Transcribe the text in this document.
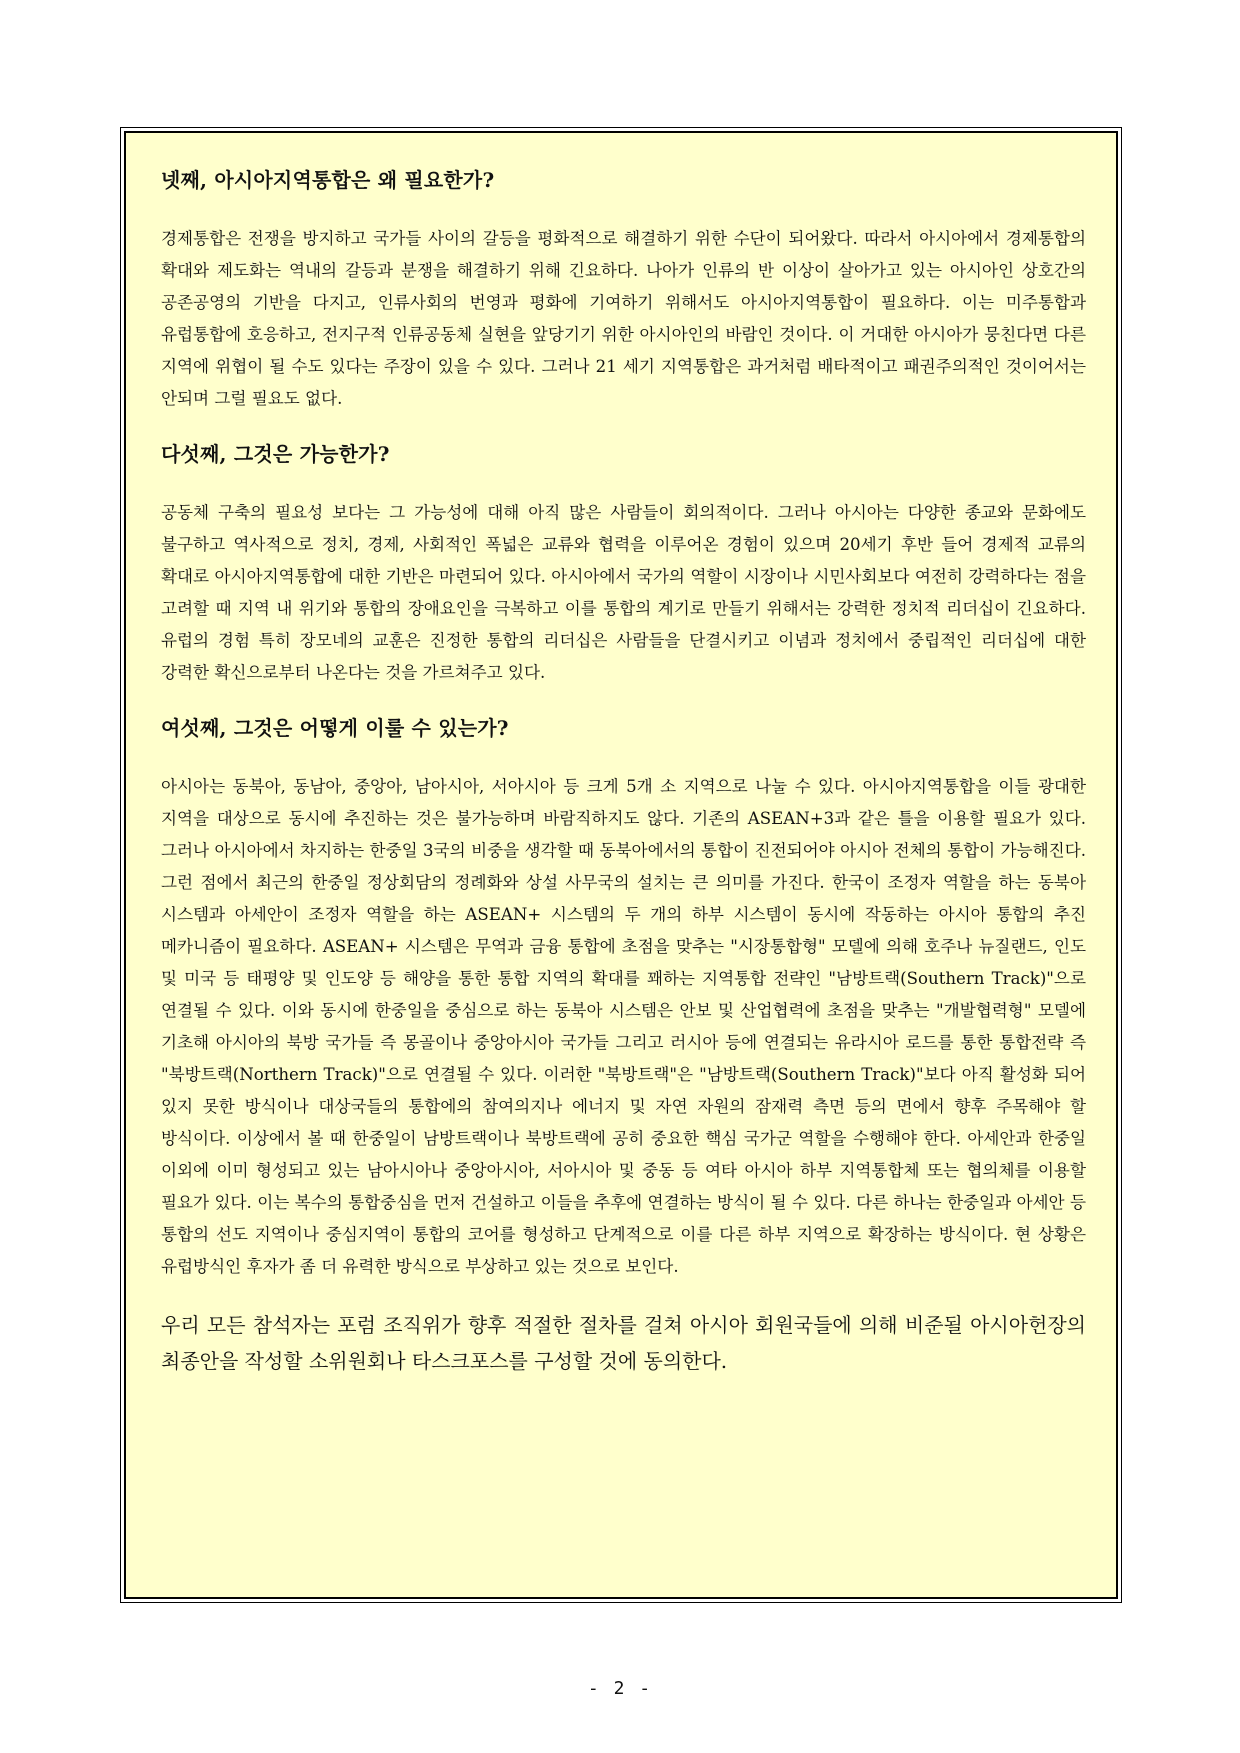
넷째, 아시아지역통합은 왜 필요한가?

경제통합은 전쟁을 방지하고 국가들 사이의 갈등을 평화적으로 해결하기 위한 수단이 되어왔다. 따라서 아시아에서 경제통합의 확대와 제도화는 역내의 갈등과 분쟁을 해결하기 위해 긴요하다. 나아가 인류의 반 이상이 살아가고 있는 아시아인 상호간의 공존공영의 기반을 다지고, 인류사회의 번영과 평화에 기여하기 위해서도 아시아지역통합이 필요하다. 이는 미주통합과 유럽통합에 호응하고, 전지구적 인류공동체 실현을 앞당기기 위한 아시아인의 바람인 것이다. 이 거대한 아시아가 뭉친다면 다른 지역에 위협이 될 수도 있다는 주장이 있을 수 있다. 그러나 21 세기 지역통합은 과거처럼 배타적이고 패권주의적인 것이어서는 안되며 그럴 필요도 없다.

다섯째, 그것은 가능한가?

공동체 구축의 필요성 보다는 그 가능성에 대해 아직 많은 사람들이 회의적이다. 그러나 아시아는 다양한 종교와 문화에도 불구하고 역사적으로 정치, 경제, 사회적인 폭넓은 교류와 협력을 이루어온 경험이 있으며 20세기 후반 들어 경제적 교류의 확대로 아시아지역통합에 대한 기반은 마련되어 있다. 아시아에서 국가의 역할이 시장이나 시민사회보다 여전히 강력하다는 점을 고려할 때 지역 내 위기와 통합의 장애요인을 극복하고 이를 통합의 계기로 만들기 위해서는 강력한 정치적 리더십이 긴요하다. 유럽의 경험 특히 장모네의 교훈은 진정한 통합의 리더십은 사람들을 단결시키고 이념과 정치에서 중립적인 리더십에 대한 강력한 확신으로부터 나온다는 것을 가르쳐주고 있다.

여섯째, 그것은 어떻게 이룰 수 있는가?

아시아는 동북아, 동남아, 중앙아, 남아시아, 서아시아 등 크게 5개 소 지역으로 나눌 수 있다. 아시아지역통합을 이들 광대한 지역을 대상으로 동시에 추진하는 것은 불가능하며 바람직하지도 않다. 기존의 ASEAN+3과 같은 틀을 이용할 필요가 있다. 그러나 아시아에서 차지하는 한중일 3국의 비중을 생각할 때 동북아에서의 통합이 진전되어야 아시아 전체의 통합이 가능해진다. 그런 점에서 최근의 한중일 정상회담의 정례화와 상설 사무국의 설치는 큰 의미를 가진다. 한국이 조정자 역할을 하는 동북아 시스템과 아세안이 조정자 역할을 하는 ASEAN+ 시스템의 두 개의 하부 시스템이 동시에 작동하는 아시아 통합의 추진 메카니즘이 필요하다. ASEAN+ 시스템은 무역과 금융 통합에 초점을 맞추는 "시장통합형" 모델에 의해 호주나 뉴질랜드, 인도 및 미국 등 태평양 및 인도양 등 해양을 통한 통합 지역의 확대를 꽤하는 지역통합 전략인 "남방트랙(Southern Track)"으로 연결될 수 있다. 이와 동시에 한중일을 중심으로 하는 동북아 시스템은 안보 및 산업협력에 초점을 맞추는 "개발협력형" 모델에 기초해 아시아의 북방 국가들 즉 몽골이나 중앙아시아 국가들 그리고 러시아 등에 연결되는 유라시아 로드를 통한 통합전략 즉 "북방트랙(Northern Track)"으로 연결될 수 있다. 이러한 "북방트랙"은 "남방트랙(Southern Track)"보다 아직 활성화 되어 있지 못한 방식이나 대상국들의 통합에의 참여의지나 에너지 및 자연 자원의 잠재력 측면 등의 면에서 향후 주목해야 할 방식이다. 이상에서 볼 때 한중일이 남방트랙이나 북방트랙에 공히 중요한 핵심 국가군 역할을 수행해야 한다. 아세안과 한중일 이외에 이미 형성되고 있는 남아시아나 중앙아시아, 서아시아 및 중동 등 여타 아시아 하부 지역통합체 또는 협의체를 이용할 필요가 있다. 이는 복수의 통합중심을 먼저 건설하고 이들을 추후에 연결하는 방식이 될 수 있다. 다른 하나는 한중일과 아세안 등 통합의 선도 지역이나 중심지역이 통합의 코어를 형성하고 단계적으로 이를 다른 하부 지역으로 확장하는 방식이다. 현 상황은 유럽방식인 후자가 좀 더 유력한 방식으로 부상하고 있는 것으로 보인다.

우리 모든 참석자는 포럼 조직위가 향후 적절한 절차를 걸쳐 아시아 회원국들에 의해 비준될 아시아헌장의 최종안을 작성할 소위원회나 타스크포스를 구성할 것에 동의한다.

- 2 -
